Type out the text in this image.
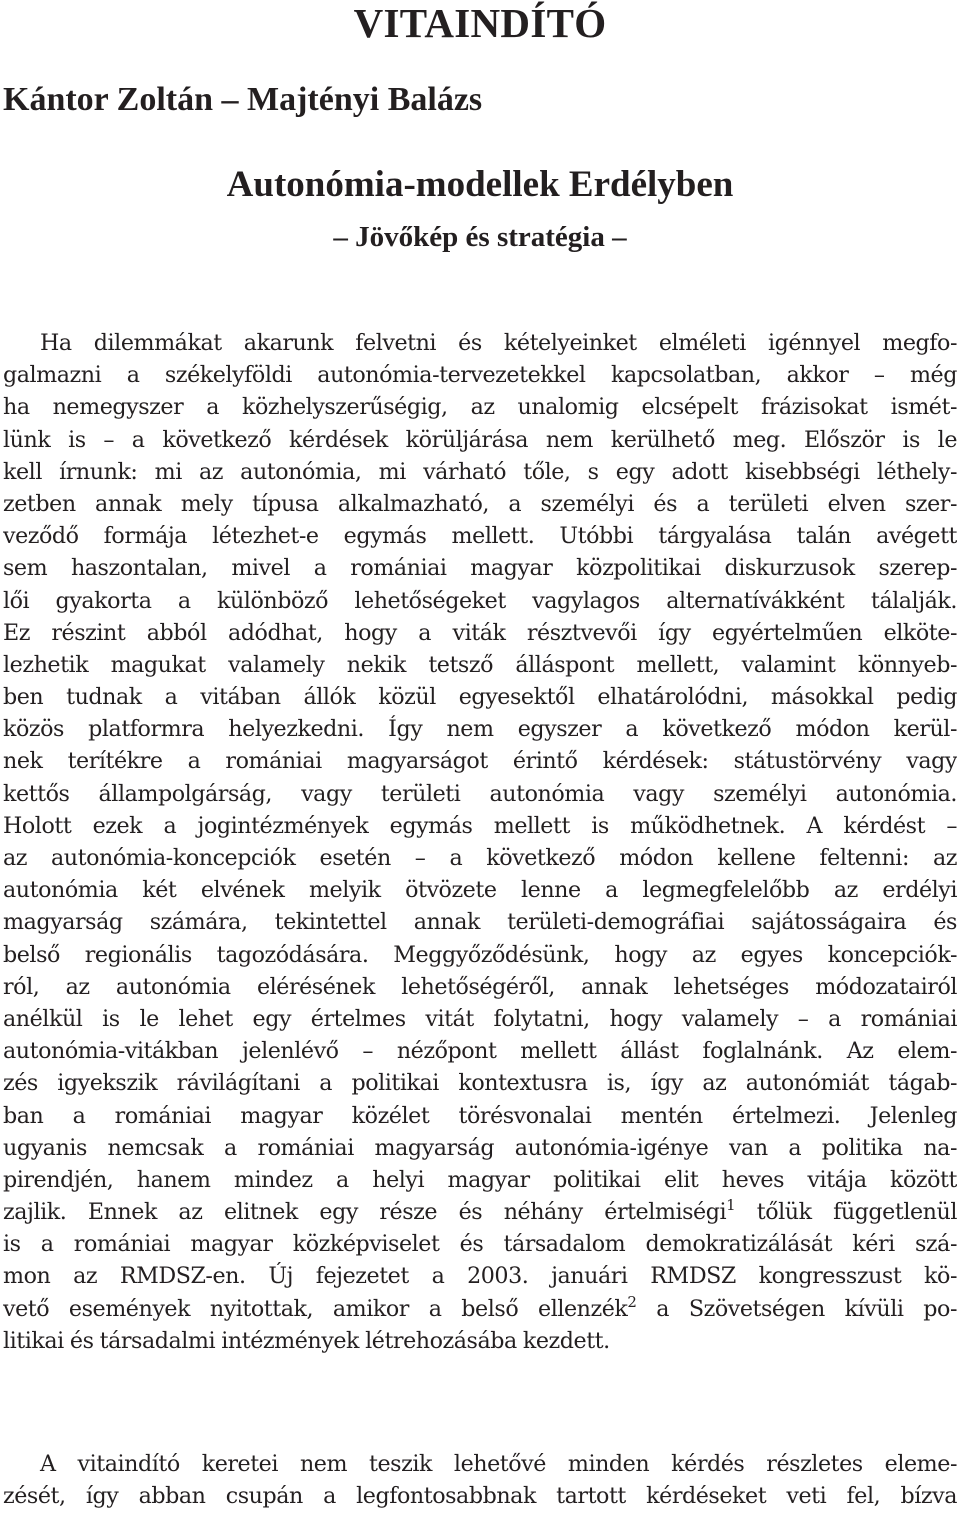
VITAINDÍTÓ
Kántor Zoltán – Majtényi Balázs
Autonómia-modellek Erdélyben
– Jövőkép és stratégia –
Ha dilemmákat akarunk felvetni és kételyeinket elméleti igénnyel megfo-
galmazni a székelyföldi autonómia-tervezetekkel kapcsolatban, akkor – még
ha nemegyszer a közhelyszerűségig, az unalomig elcsépelt frázisokat ismét-
lünk is – a következő kérdések körüljárása nem kerülhető meg. Először is le
kell írnunk: mi az autonómia, mi várható tőle, s egy adott kisebbségi léthely-
zetben annak mely típusa alkalmazható, a személyi és a területi elven szer-
veződő formája létezhet-e egymás mellett. Utóbbi tárgyalása talán avégett
sem haszontalan, mivel a romániai magyar közpolitikai diskurzusok szerep-
lői gyakorta a különböző lehetőségeket vagylagos alternatívákként tálalják.
Ez részint abból adódhat, hogy a viták résztvevői így egyértelműen elköte-
lezhetik magukat valamely nekik tetsző álláspont mellett, valamint könnyeb-
ben tudnak a vitában állók közül egyesektől elhatárolódni, másokkal pedig
közös platformra helyezkedni. Így nem egyszer a következő módon kerül-
nek terítékre a romániai magyarságot érintő kérdések: státustörvény vagy
kettős állampolgárság, vagy területi autonómia vagy személyi autonómia.
Holott ezek a jogintézmények egymás mellett is működhetnek. A kérdést –
az autonómia-koncepciók esetén – a következő módon kellene feltenni: az
autonómia két elvének melyik ötvözete lenne a legmegfelelőbb az erdélyi
magyarság számára, tekintettel annak területi-demográfiai sajátosságaira és
belső regionális tagozódására. Meggyőződésünk, hogy az egyes koncepciók-
ról, az autonómia elérésének lehetőségéről, annak lehetséges módozatairól
anélkül is le lehet egy értelmes vitát folytatni, hogy valamely – a romániai
autonómia-vitákban jelenlévő – nézőpont mellett állást foglalnánk. Az elem-
zés igyekszik rávilágítani a politikai kontextusra is, így az autonómiát tágab-
ban a romániai magyar közélet törésvonalai mentén értelmezi. Jelenleg
ugyanis nemcsak a romániai magyarság autonómia-igénye van a politika na-
pirendjén, hanem mindez a helyi magyar politikai elit heves vitája között
zajlik. Ennek az elitnek egy része és néhány értelmiségi$^1$ tőlük függetlenül
is a romániai magyar közképviselet és társadalom demokratizálását kéri szá-
mon az RMDSZ-en. Új fejezetet a 2003. januári RMDSZ kongresszust kö-
vető események nyitottak, amikor a belső ellenzék$^2$ a Szövetségen kívüli po-
litikai és társadalmi intézmények létrehozásába kezdett.
A vitaindító keretei nem teszik lehetővé minden kérdés részletes eleme-
zését, így abban csupán a legfontosabbnak tartott kérdéseket veti fel, bízva
